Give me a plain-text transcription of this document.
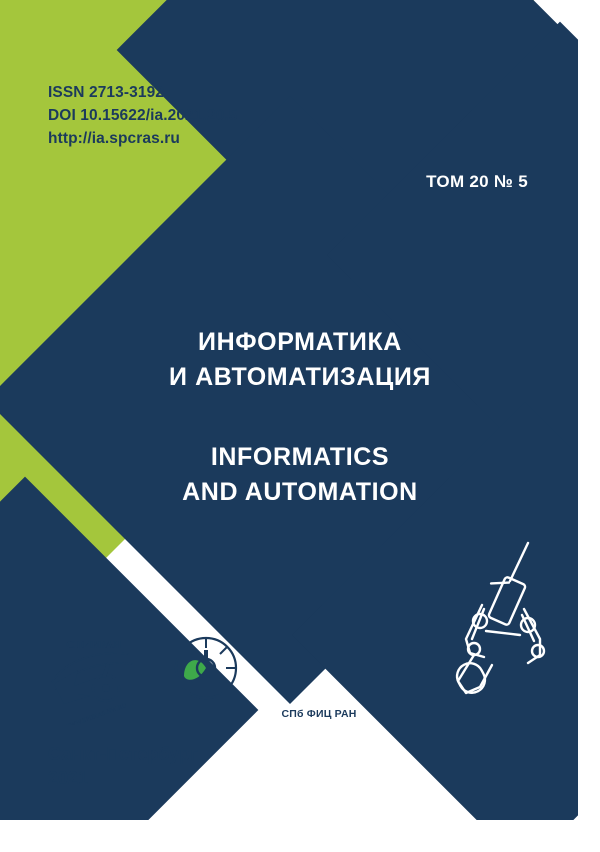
ISSN 2713-3192
DOI 10.15622/ia.2021.20.5
http://ia.spcras.ru
ТОМ 20 № 5
ИНФОРМАТИКА
И АВТОМАТИЗАЦИЯ
INFORMATICS
AND AUTOMATION
СПИИРАН
WWW.SPIIRAS.NW.RU	СПб ФИЦ РАН
Санкт-Петербург
2021
